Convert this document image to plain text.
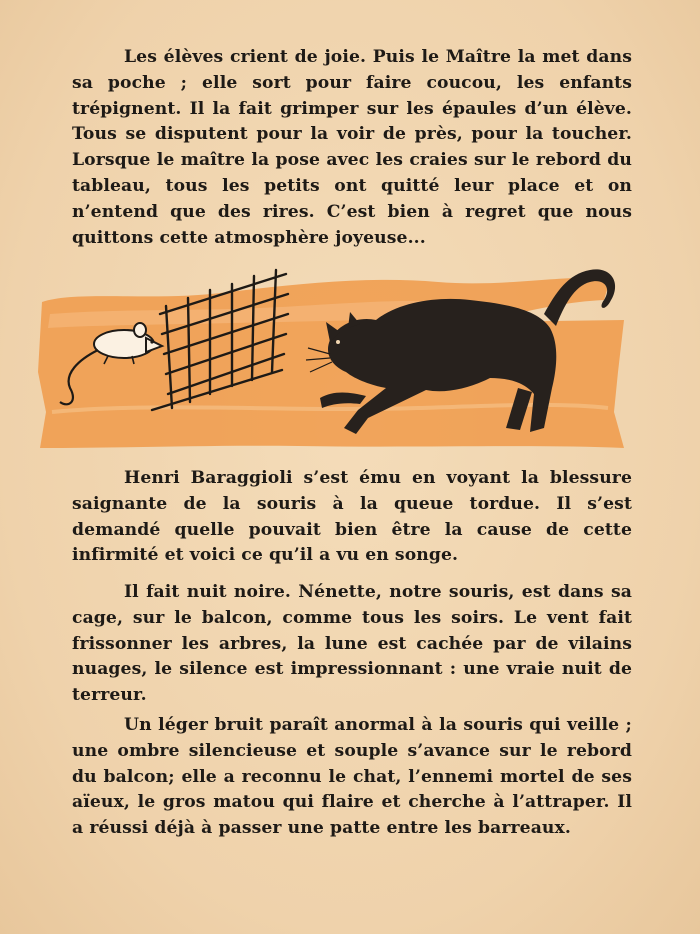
Les élèves crient de joie. Puis le Maître la met dans sa poche ; elle sort pour faire coucou, les enfants trépignent. Il la fait grimper sur les épaules d’un élève. Tous se disputent pour la voir de près, pour la toucher. Lorsque le maître la pose avec les craies sur le rebord du tableau, tous les petits ont quitté leur place et on n’entend que des rires. C’est bien à regret que nous quittons cette atmosphère joyeuse...

Henri Baraggioli s’est ému en voyant la blessure saignante de la souris à la queue tordue. Il s’est demandé quelle pouvait bien être la cause de cette infirmité et voici ce qu’il a vu en songe.

Il fait nuit noire. Nénette, notre souris, est dans sa cage, sur le balcon, comme tous les soirs. Le vent fait frissonner les arbres, la lune est cachée par de vilains nuages, le silence est impressionnant : une vraie nuit de terreur.

Un léger bruit paraît anormal à la souris qui veille ; une ombre silencieuse et souple s’avance sur le rebord du balcon; elle a reconnu le chat, l’ennemi mortel de ses aïeux, le gros matou qui flaire et cherche à l’attraper. Il a réussi déjà à passer une patte entre les barreaux.
